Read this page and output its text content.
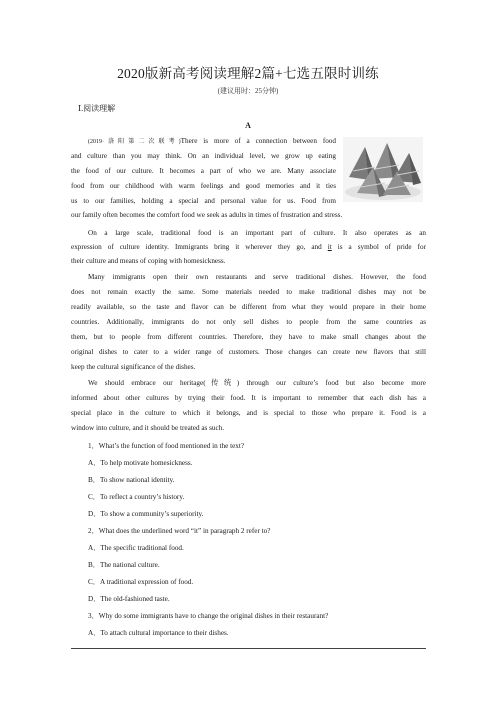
2020版新高考阅读理解2篇+七选五限时训练
(建议用时：25分钟)
Ⅰ.阅读理解
A
(2019·洛阳第二次联考)There is more of a connection between food
and culture than you may think. On an individual level, we grow up eating
the food of our culture. It becomes a part of who we are. Many associate
food from our childhood with warm feelings and good memories and it ties
us to our families, holding a special and personal value for us. Food from
our family often becomes the comfort food we seek as adults in times of frustration and stress.
On a large scale, traditional food is an important part of culture. It also operates as an
expression of culture identity. Immigrants bring it wherever they go, and it is a symbol of pride for
their culture and means of coping with homesickness.
Many immigrants open their own restaurants and serve traditional dishes. However, the food
does not remain exactly the same. Some materials needed to make traditional dishes may not be
readily available, so the taste and flavor can be different from what they would prepare in their home
countries. Additionally, immigrants do not only sell dishes to people from the same countries as
them, but to people from different countries. Therefore, they have to make small changes about the
original dishes to cater to a wider range of customers. Those changes can create new flavors that still
keep the cultural significance of the dishes.
We should embrace our heritage(传统) through our culture’s food but also become more
informed about other cultures by trying their food. It is important to remember that each dish has a
special place in the culture to which it belongs, and is special to those who prepare it. Food is a
window into culture, and it should be treated as such.
1．What’s the function of food mentioned in the text?
A．To help motivate homesickness.
B．To show national identity.
C．To reflect a country’s history.
D．To show a community’s superiority.
2．What does the underlined word “it” in paragraph 2 refer to?
A．The specific traditional food.
B．The national culture.
C．A traditional expression of food.
D．The old-fashioned taste.
3．Why do some immigrants have to change the original dishes in their restaurant?
A．To attach cultural importance to their dishes.
